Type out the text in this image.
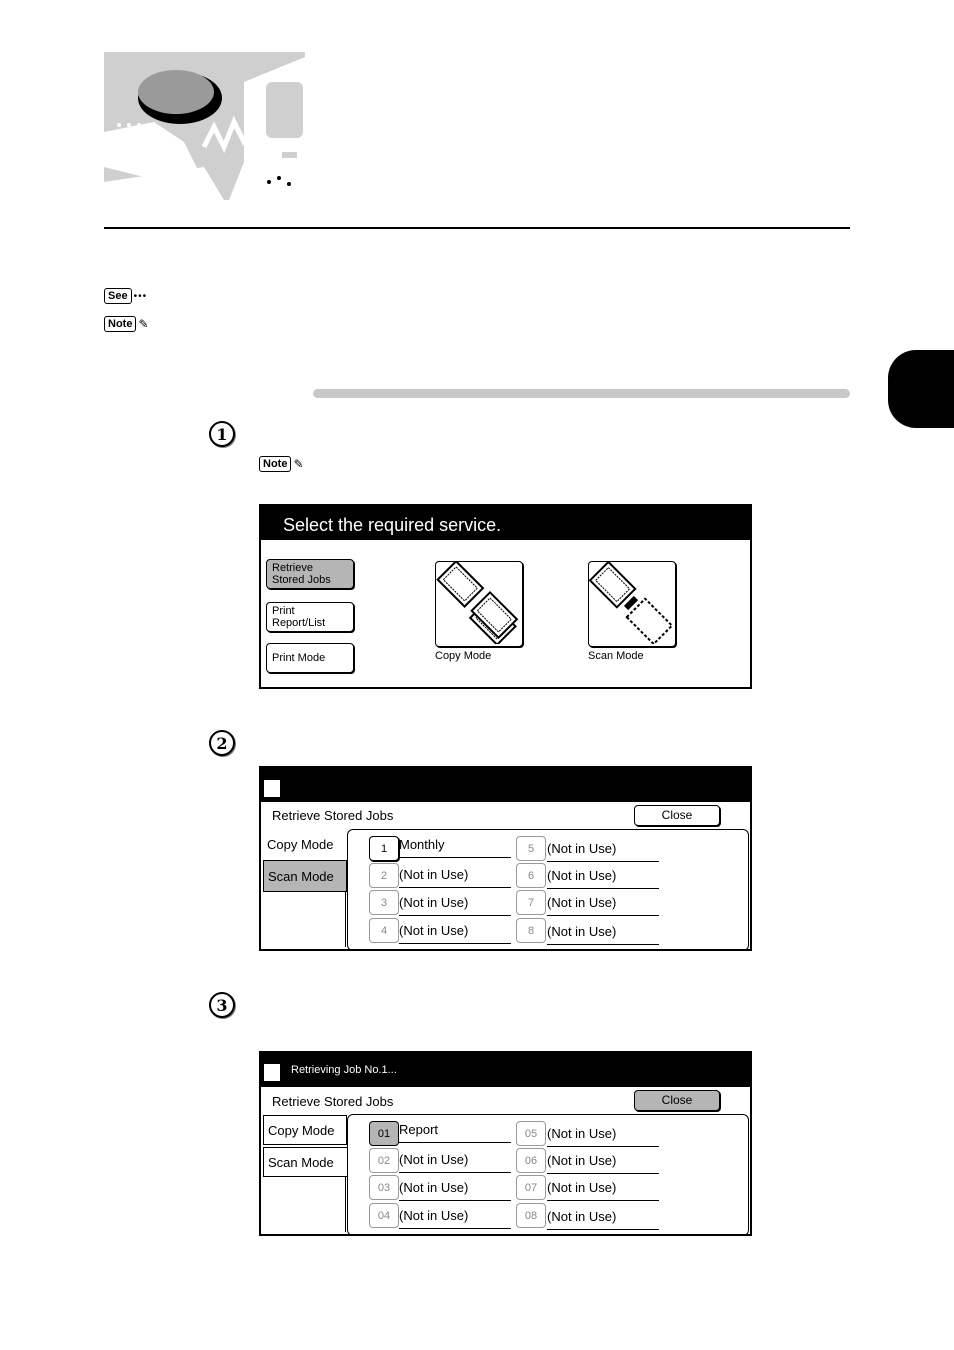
See •••
Note ✎
1
Note ✎
Select the required service.
Retrieve
Stored Jobs
Print
Report/List
Print Mode	Copy Mode	Scan Mode
2
Retrieve Stored Jobs	Close
Copy Mode
Scan Mode
1 Monthly
2 (Not in Use)
3 (Not in Use)
4 (Not in Use)
5 (Not in Use)
6 (Not in Use)
7 (Not in Use)
8 (Not in Use)
3
Retrieving Job No.1...
Retrieve Stored Jobs	Close
Copy Mode
Scan Mode
01 Report
02 (Not in Use)
03 (Not in Use)
04 (Not in Use)
05 (Not in Use)
06 (Not in Use)
07 (Not in Use)
08 (Not in Use)
